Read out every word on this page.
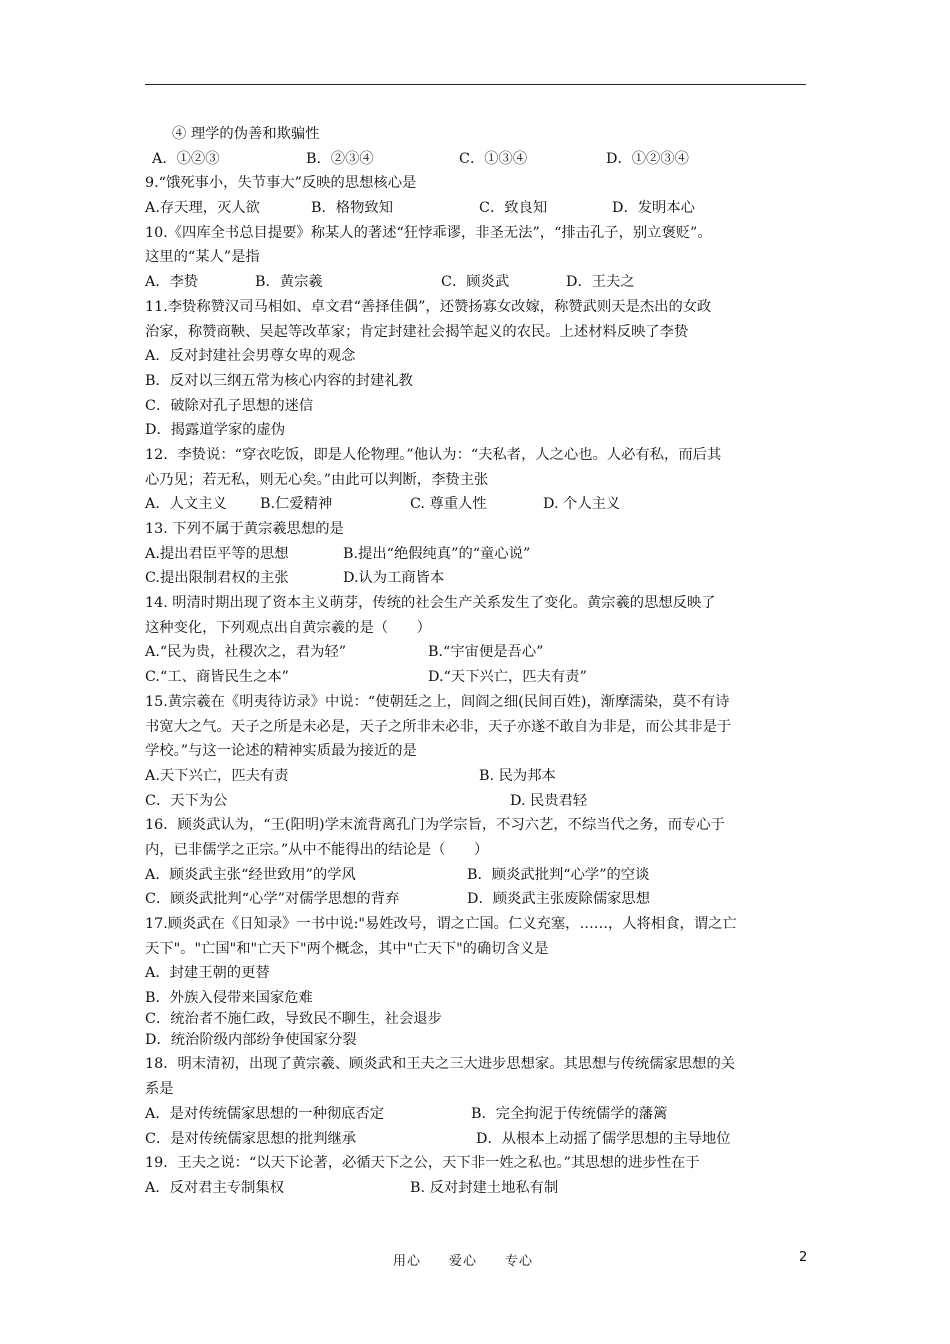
④ 理学的伪善和欺骗性
A．①②③	B．②③④	C．①③④	D．①②③④
9.“饿死事小，失节事大”反映的思想核心是
A.存天理，灭人欲	B．格物致知	C．致良知	D．发明本心
10.《四库全书总目提要》称某人的著述“狂悖乖谬，非圣无法”，“排击孔子，别立褒贬”。
这里的“某人”是指
A．李贽	B．黄宗羲	C．顾炎武	D．王夫之
11.李贽称赞汉司马相如、卓文君“善择佳偶”，还赞扬寡女改嫁，称赞武则天是杰出的女政
治家，称赞商鞅、吴起等改革家；肯定封建社会揭竿起义的农民。上述材料反映了李贽
A．反对封建社会男尊女卑的观念
B．反对以三纲五常为核心内容的封建礼教
C．破除对孔子思想的迷信
D．揭露道学家的虚伪
12．李贽说：“穿衣吃饭，即是人伦物理。”他认为：“夫私者，人之心也。人必有私，而后其
心乃见；若无私，则无心矣。”由此可以判断，李贽主张
A．人文主义	B.仁爱精神	C. 尊重人性	D. 个人主义
13. 下列不属于黄宗羲思想的是
A.提出君臣平等的思想	B.提出“绝假纯真”的“童心说”
C.提出限制君权的主张	D.认为工商皆本
14. 明清时期出现了资本主义萌芽，传统的社会生产关系发生了变化。黄宗羲的思想反映了
这种变化，下列观点出自黄宗羲的是（　　）
A.“民为贵，社稷次之，君为轻”	B.“宇宙便是吾心”
C.“工、商皆民生之本”	D.“天下兴亡，匹夫有责”
15.黄宗羲在《明夷待访录》中说：“使朝廷之上，闾阎之细(民间百姓)，渐摩濡染，莫不有诗
书宽大之气。天子之所是未必是，天子之所非未必非，天子亦遂不敢自为非是，而公其非是于
学校。”与这一论述的精神实质最为接近的是
A.天下兴亡，匹夫有责	B. 民为邦本
C．天下为公	D. 民贵君轻
16．顾炎武认为，“王(阳明)学末流背离孔门为学宗旨，不习六艺，不综当代之务，而专心于
内，已非儒学之正宗。”从中不能得出的结论是（　　）
A．顾炎武主张“经世致用”的学风	B．顾炎武批判“心学”的空谈
C．顾炎武批判“心学”对儒学思想的背弃	D．顾炎武主张废除儒家思想
17.顾炎武在《日知录》一书中说:"易姓改号，谓之亡国。仁义充塞，……，人将相食，谓之亡
天下"。"亡国"和"亡天下"两个概念，其中"亡天下"的确切含义是
A．封建王朝的更替
B．外族入侵带来国家危难
C．统治者不施仁政，导致民不聊生，社会退步
D．统治阶级内部纷争使国家分裂
18．明末清初，出现了黄宗羲、顾炎武和王夫之三大进步思想家。其思想与传统儒家思想的关
系是
A．是对传统儒家思想的一种彻底否定	B．完全拘泥于传统儒学的藩篱
C．是对传统儒家思想的批判继承	D．从根本上动摇了儒学思想的主导地位
19．王夫之说：“以天下论著，必循天下之公，天下非一姓之私也。”其思想的进步性在于
A．反对君主专制集权	B. 反对封建土地私有制
用心　　爱心　　专心	2
